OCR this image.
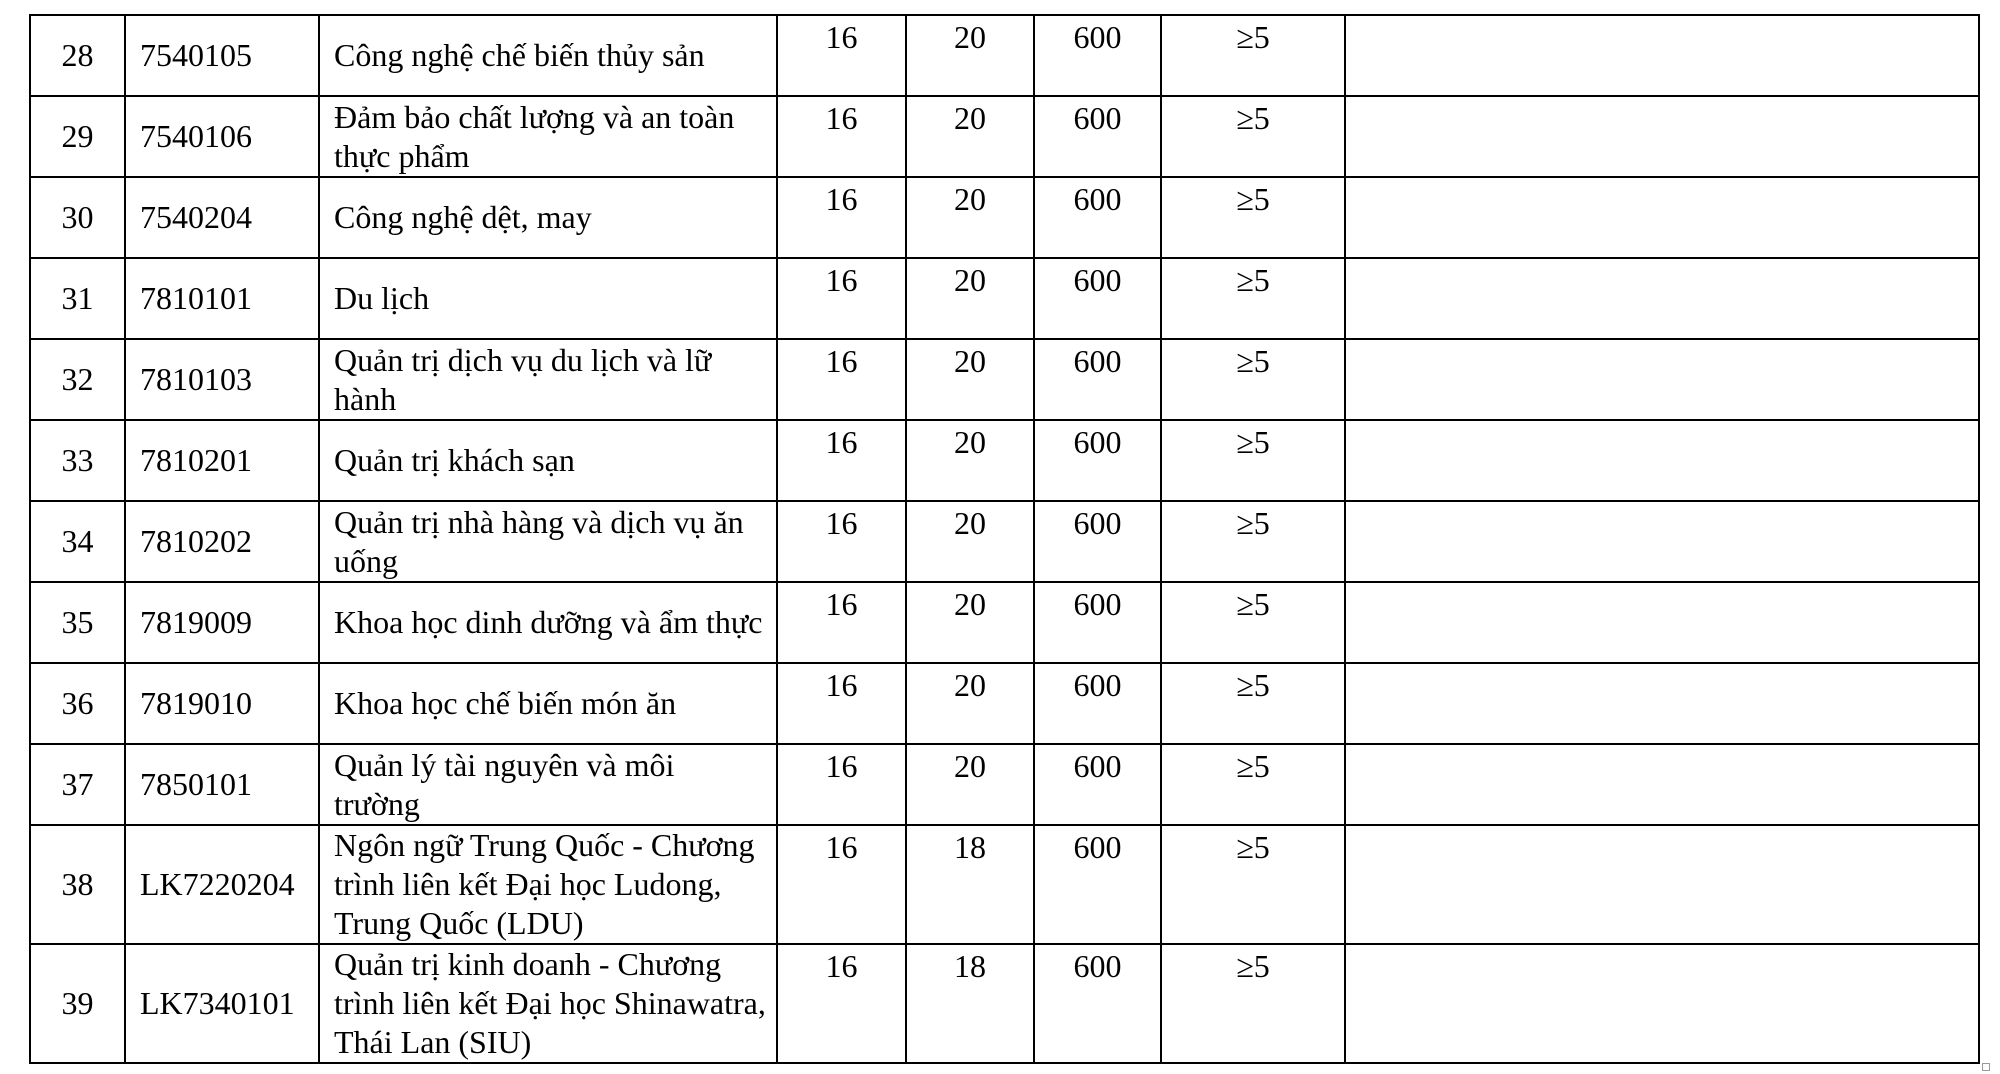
28	7540105	Công nghệ chế biến thủy sản	16	20	600	≥5	
29	7540106	Đảm bảo chất lượng và an toàn thực phẩm	16	20	600	≥5	
30	7540204	Công nghệ dệt, may	16	20	600	≥5	
31	7810101	Du lịch	16	20	600	≥5	
32	7810103	Quản trị dịch vụ du lịch và lữ hành	16	20	600	≥5	
33	7810201	Quản trị khách sạn	16	20	600	≥5	
34	7810202	Quản trị nhà hàng và dịch vụ ăn uống	16	20	600	≥5	
35	7819009	Khoa học dinh dưỡng và ẩm thực	16	20	600	≥5	
36	7819010	Khoa học chế biến món ăn	16	20	600	≥5	
37	7850101	Quản lý tài nguyên và môi trường	16	20	600	≥5	
38	LK7220204	Ngôn ngữ Trung Quốc - Chương trình liên kết Đại học Ludong, Trung Quốc (LDU)	16	18	600	≥5	
39	LK7340101	Quản trị kinh doanh - Chương trình liên kết Đại học Shinawatra, Thái Lan (SIU)	16	18	600	≥5	
